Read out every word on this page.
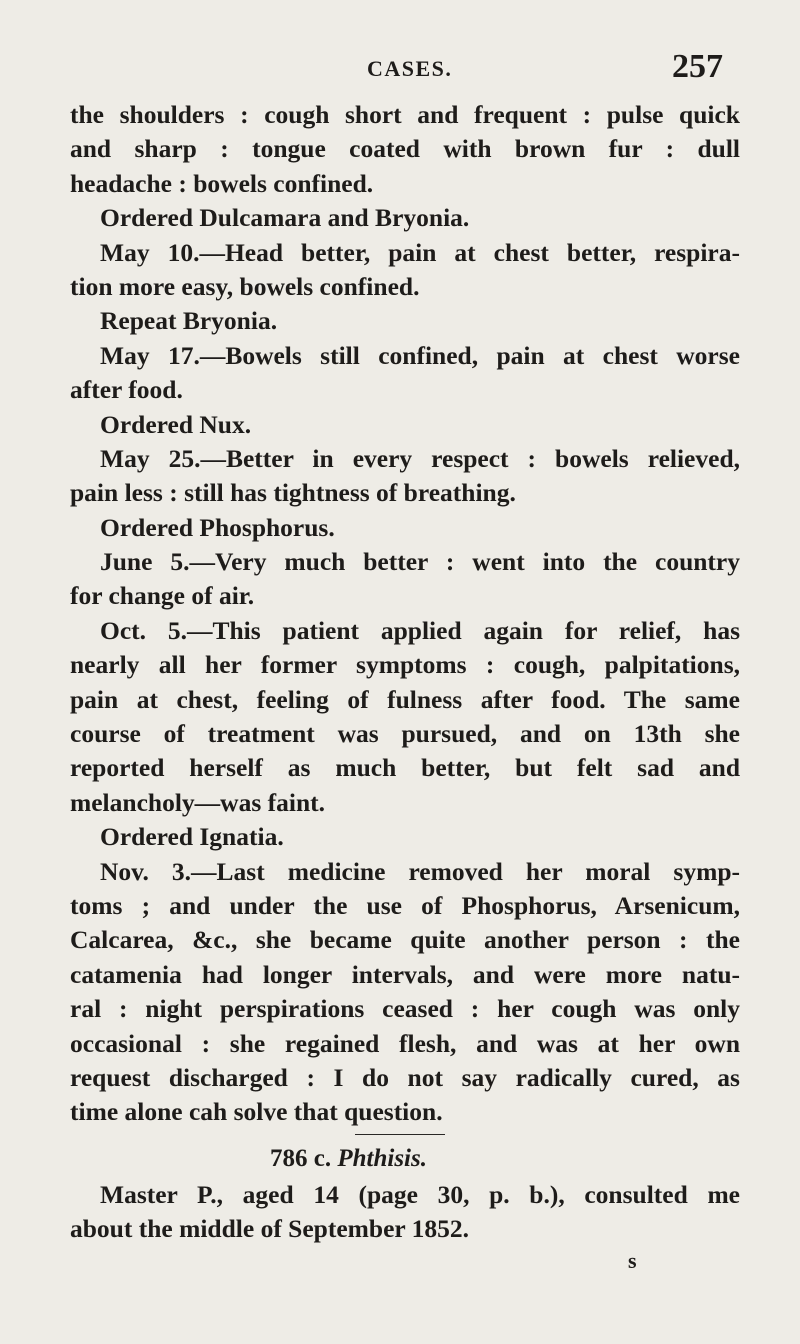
CASES.	257
the shoulders : cough short and frequent : pulse quick
and sharp : tongue coated with brown fur : dull
headache : bowels confined.
Ordered Dulcamara and Bryonia.
May 10.—Head better, pain at chest better, respira-
tion more easy, bowels confined.
Repeat Bryonia.
May 17.—Bowels still confined, pain at chest worse
after food.
Ordered Nux.
May 25.—Better in every respect : bowels relieved,
pain less : still has tightness of breathing.
Ordered Phosphorus.
June 5.—Very much better : went into the country
for change of air.
Oct. 5.—This patient applied again for relief, has
nearly all her former symptoms : cough, palpitations,
pain at chest, feeling of fulness after food. The same
course of treatment was pursued, and on 13th she
reported herself as much better, but felt sad and
melancholy—was faint.
Ordered Ignatia.
Nov. 3.—Last medicine removed her moral symp-
toms ; and under the use of Phosphorus, Arsenicum,
Calcarea, &c., she became quite another person : the
catamenia had longer intervals, and were more natu-
ral : night perspirations ceased : her cough was only
occasional : she regained flesh, and was at her own
request discharged : I do not say radically cured, as
time alone cah solve that question.
786 c. Phthisis.
Master P., aged 14 (page 30, p. b.), consulted me
about the middle of September 1852.
s
